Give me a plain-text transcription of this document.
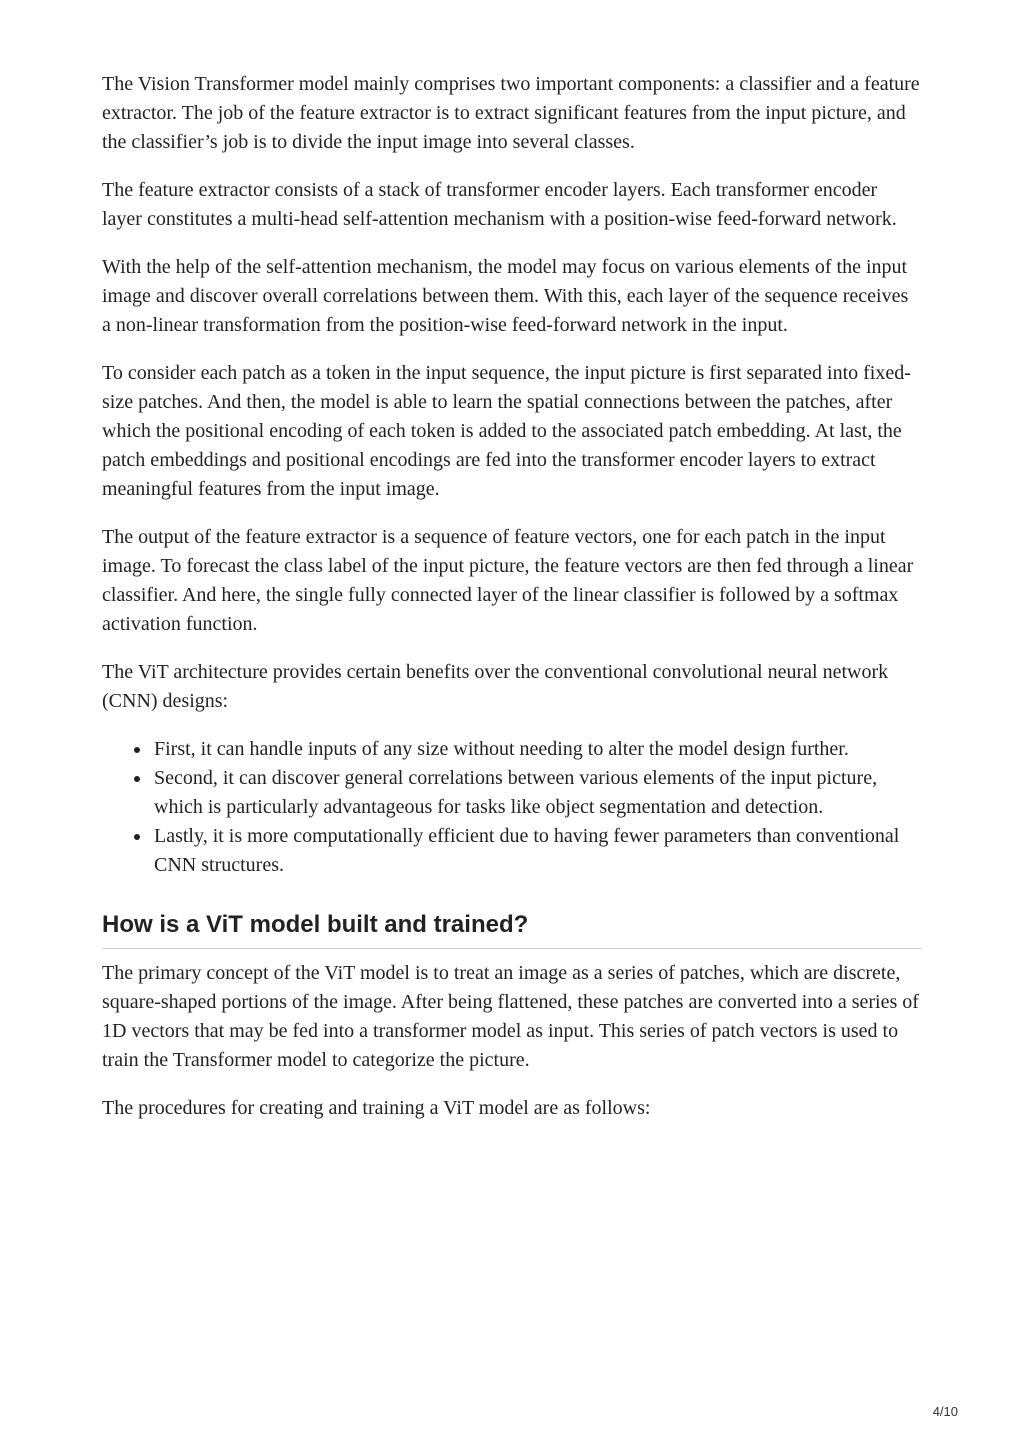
The Vision Transformer model mainly comprises two important components: a classifier and a feature extractor. The job of the feature extractor is to extract significant features from the input picture, and the classifier’s job is to divide the input image into several classes.

The feature extractor consists of a stack of transformer encoder layers. Each transformer encoder layer constitutes a multi-head self-attention mechanism with a position-wise feed-forward network.

With the help of the self-attention mechanism, the model may focus on various elements of the input image and discover overall correlations between them. With this, each layer of the sequence receives a non-linear transformation from the position-wise feed-forward network in the input.

To consider each patch as a token in the input sequence, the input picture is first separated into fixed-size patches. And then, the model is able to learn the spatial connections between the patches, after which the positional encoding of each token is added to the associated patch embedding. At last, the patch embeddings and positional encodings are fed into the transformer encoder layers to extract meaningful features from the input image.

The output of the feature extractor is a sequence of feature vectors, one for each patch in the input image. To forecast the class label of the input picture, the feature vectors are then fed through a linear classifier. And here, the single fully connected layer of the linear classifier is followed by a softmax activation function.

The ViT architecture provides certain benefits over the conventional convolutional neural network (CNN) designs:

First, it can handle inputs of any size without needing to alter the model design further.
Second, it can discover general correlations between various elements of the input picture, which is particularly advantageous for tasks like object segmentation and detection.
Lastly, it is more computationally efficient due to having fewer parameters than conventional CNN structures.
How is a ViT model built and trained?

The primary concept of the ViT model is to treat an image as a series of patches, which are discrete, square-shaped portions of the image. After being flattened, these patches are converted into a series of 1D vectors that may be fed into a transformer model as input. This series of patch vectors is used to train the Transformer model to categorize the picture.

The procedures for creating and training a ViT model are as follows:

4/10
